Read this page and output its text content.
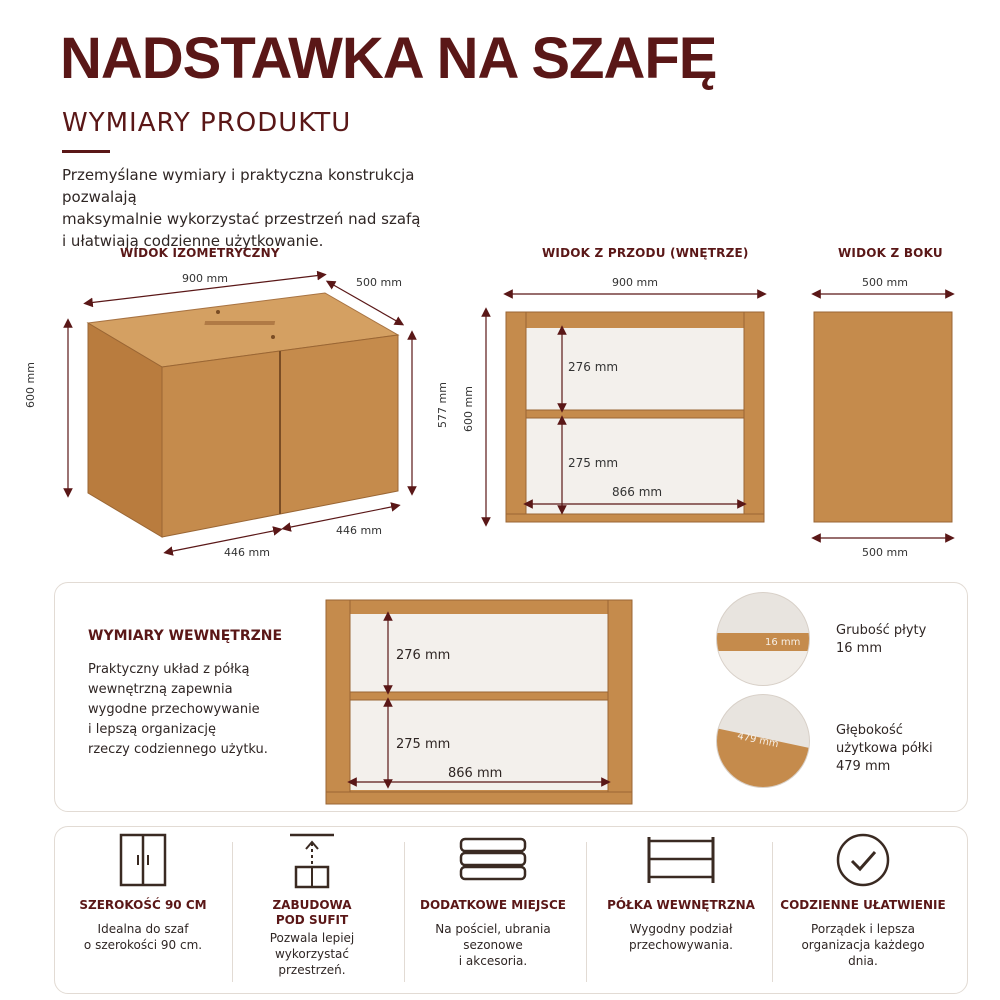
NADSTAWKA NA SZAFĘ
WYMIARY PRODUKTU
Przemyślane wymiary i praktyczna konstrukcja pozwalają
maksymalnie wykorzystać przestrzeń nad szafą
i ułatwiają codzienne użytkowanie.
WIDOK IZOMETRYCZNY	WIDOK Z PRZODU (WNĘTRZE)	WIDOK Z BOKU
900 mm	500 mm
600 mm	577 mm
446 mm
446 mm
900 mm
600 mm
276 mm
275 mm
866 mm
500 mm
500 mm
WYMIARY WEWNĘTRZNE
Praktyczny układ z półką
wewnętrzną zapewnia
wygodne przechowywanie
i lepszą organizację
rzeczy codziennego użytku.
276 mm
275 mm
866 mm
16 mm
Grubość płyty
16 mm
479 mm
Głębokość
użytkowa półki
479 mm
SZEROKOŚĆ 90 CM
Idealna do szaf
o szerokości 90 cm.
ZABUDOWA
POD SUFIT
Pozwala lepiej
wykorzystać
przestrzeń.
DODATKOWE MIEJSCE
Na pościel, ubrania
sezonowe
i akcesoria.
PÓŁKA WEWNĘTRZNA
Wygodny podział
przechowywania.
CODZIENNE UŁATWIENIE
Porządek i lepsza
organizacja każdego
dnia.
